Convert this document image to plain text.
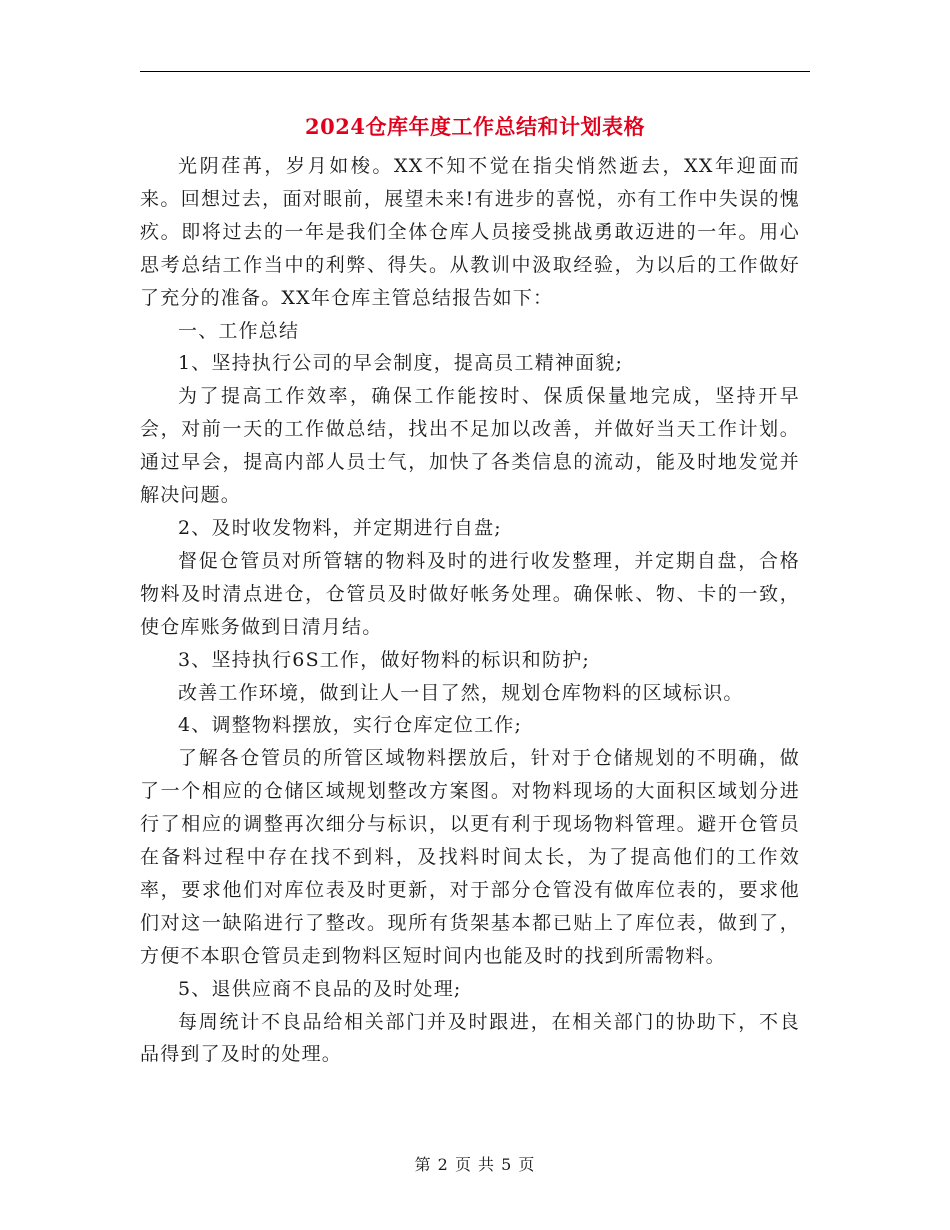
2024仓库年度工作总结和计划表格

光阴荏苒，岁月如梭。XX不知不觉在指尖悄然逝去，XX年迎面而来。回想过去，面对眼前，展望未来!有进步的喜悦，亦有工作中失误的愧疚。即将过去的一年是我们全体仓库人员接受挑战勇敢迈进的一年。用心思考总结工作当中的利弊、得失。从教训中汲取经验，为以后的工作做好了充分的准备。XX年仓库主管总结报告如下：

一、工作总结

1、坚持执行公司的早会制度，提高员工精神面貌;

为了提高工作效率，确保工作能按时、保质保量地完成，坚持开早会，对前一天的工作做总结，找出不足加以改善，并做好当天工作计划。通过早会，提高内部人员士气，加快了各类信息的流动，能及时地发觉并解决问题。

2、及时收发物料，并定期进行自盘;

督促仓管员对所管辖的物料及时的进行收发整理，并定期自盘，合格物料及时清点进仓，仓管员及时做好帐务处理。确保帐、物、卡的一致，使仓库账务做到日清月结。

3、坚持执行6S工作，做好物料的标识和防护;

改善工作环境，做到让人一目了然，规划仓库物料的区域标识。

4、调整物料摆放，实行仓库定位工作;

了解各仓管员的所管区域物料摆放后，针对于仓储规划的不明确，做了一个相应的仓储区域规划整改方案图。对物料现场的大面积区域划分进行了相应的调整再次细分与标识，以更有利于现场物料管理。避开仓管员在备料过程中存在找不到料，及找料时间太长，为了提高他们的工作效率，要求他们对库位表及时更新，对于部分仓管没有做库位表的，要求他们对这一缺陷进行了整改。现所有货架基本都已贴上了库位表，做到了，方便不本职仓管员走到物料区短时间内也能及时的找到所需物料。

5、退供应商不良品的及时处理;

每周统计不良品给相关部门并及时跟进，在相关部门的协助下，不良品得到了及时的处理。

第 2 页 共 5 页
